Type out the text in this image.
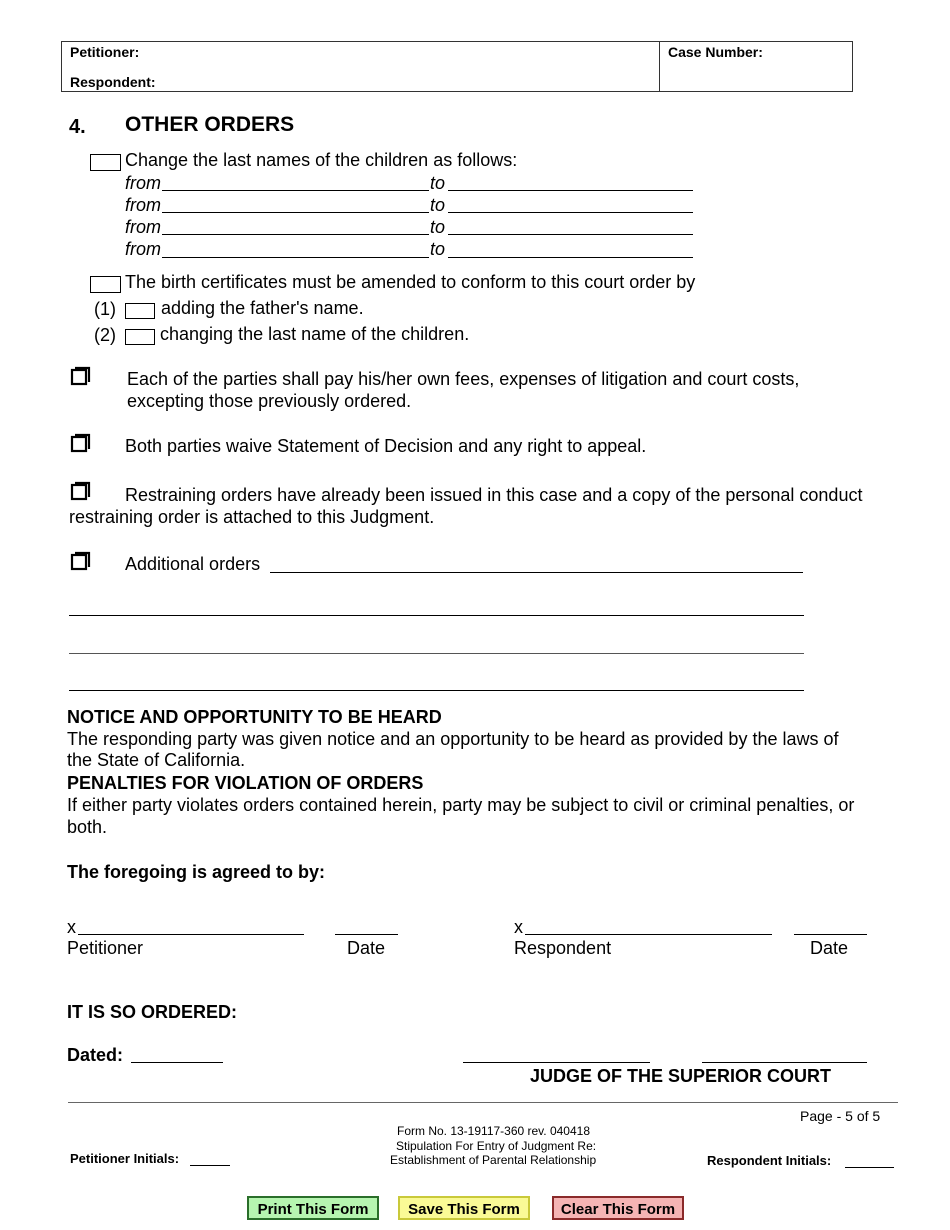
Petitioner:
Respondent:
Case Number:
4. OTHER ORDERS
Change the last names of the children as follows:
from	to
from	to
from	to
from	to
The birth certificates must be amended to conform to this court order by
(1)	adding the father's name.
(2) changing the last name of the children.
Each of the parties shall pay his/her own fees, expenses of litigation and court costs,
excepting those previously ordered.
Both parties waive Statement of Decision and any right to appeal.
Restraining orders have already been issued in this case and a copy of the personal conduct
restraining order is attached to this Judgment.
Additional orders
NOTICE AND OPPORTUNITY TO BE HEARD
The responding party was given notice and an opportunity to be heard as provided by the laws of
the State of California.
PENALTIES FOR VIOLATION OF ORDERS
If either party violates orders contained herein, party may be subject to civil or criminal penalties, or
both.
The foregoing is agreed to by:
x
Petitioner	Date
x
Respondent	Date
IT IS SO ORDERED:
Dated:
JUDGE OF THE SUPERIOR COURT
Page - 5 of 5
Form No. 13-19117-360 rev. 040418
Stipulation For Entry of Judgment Re:
Establishment of Parental Relationship
Petitioner Initials:	Respondent Initials:
Print This Form	Save This Form	Clear This Form
